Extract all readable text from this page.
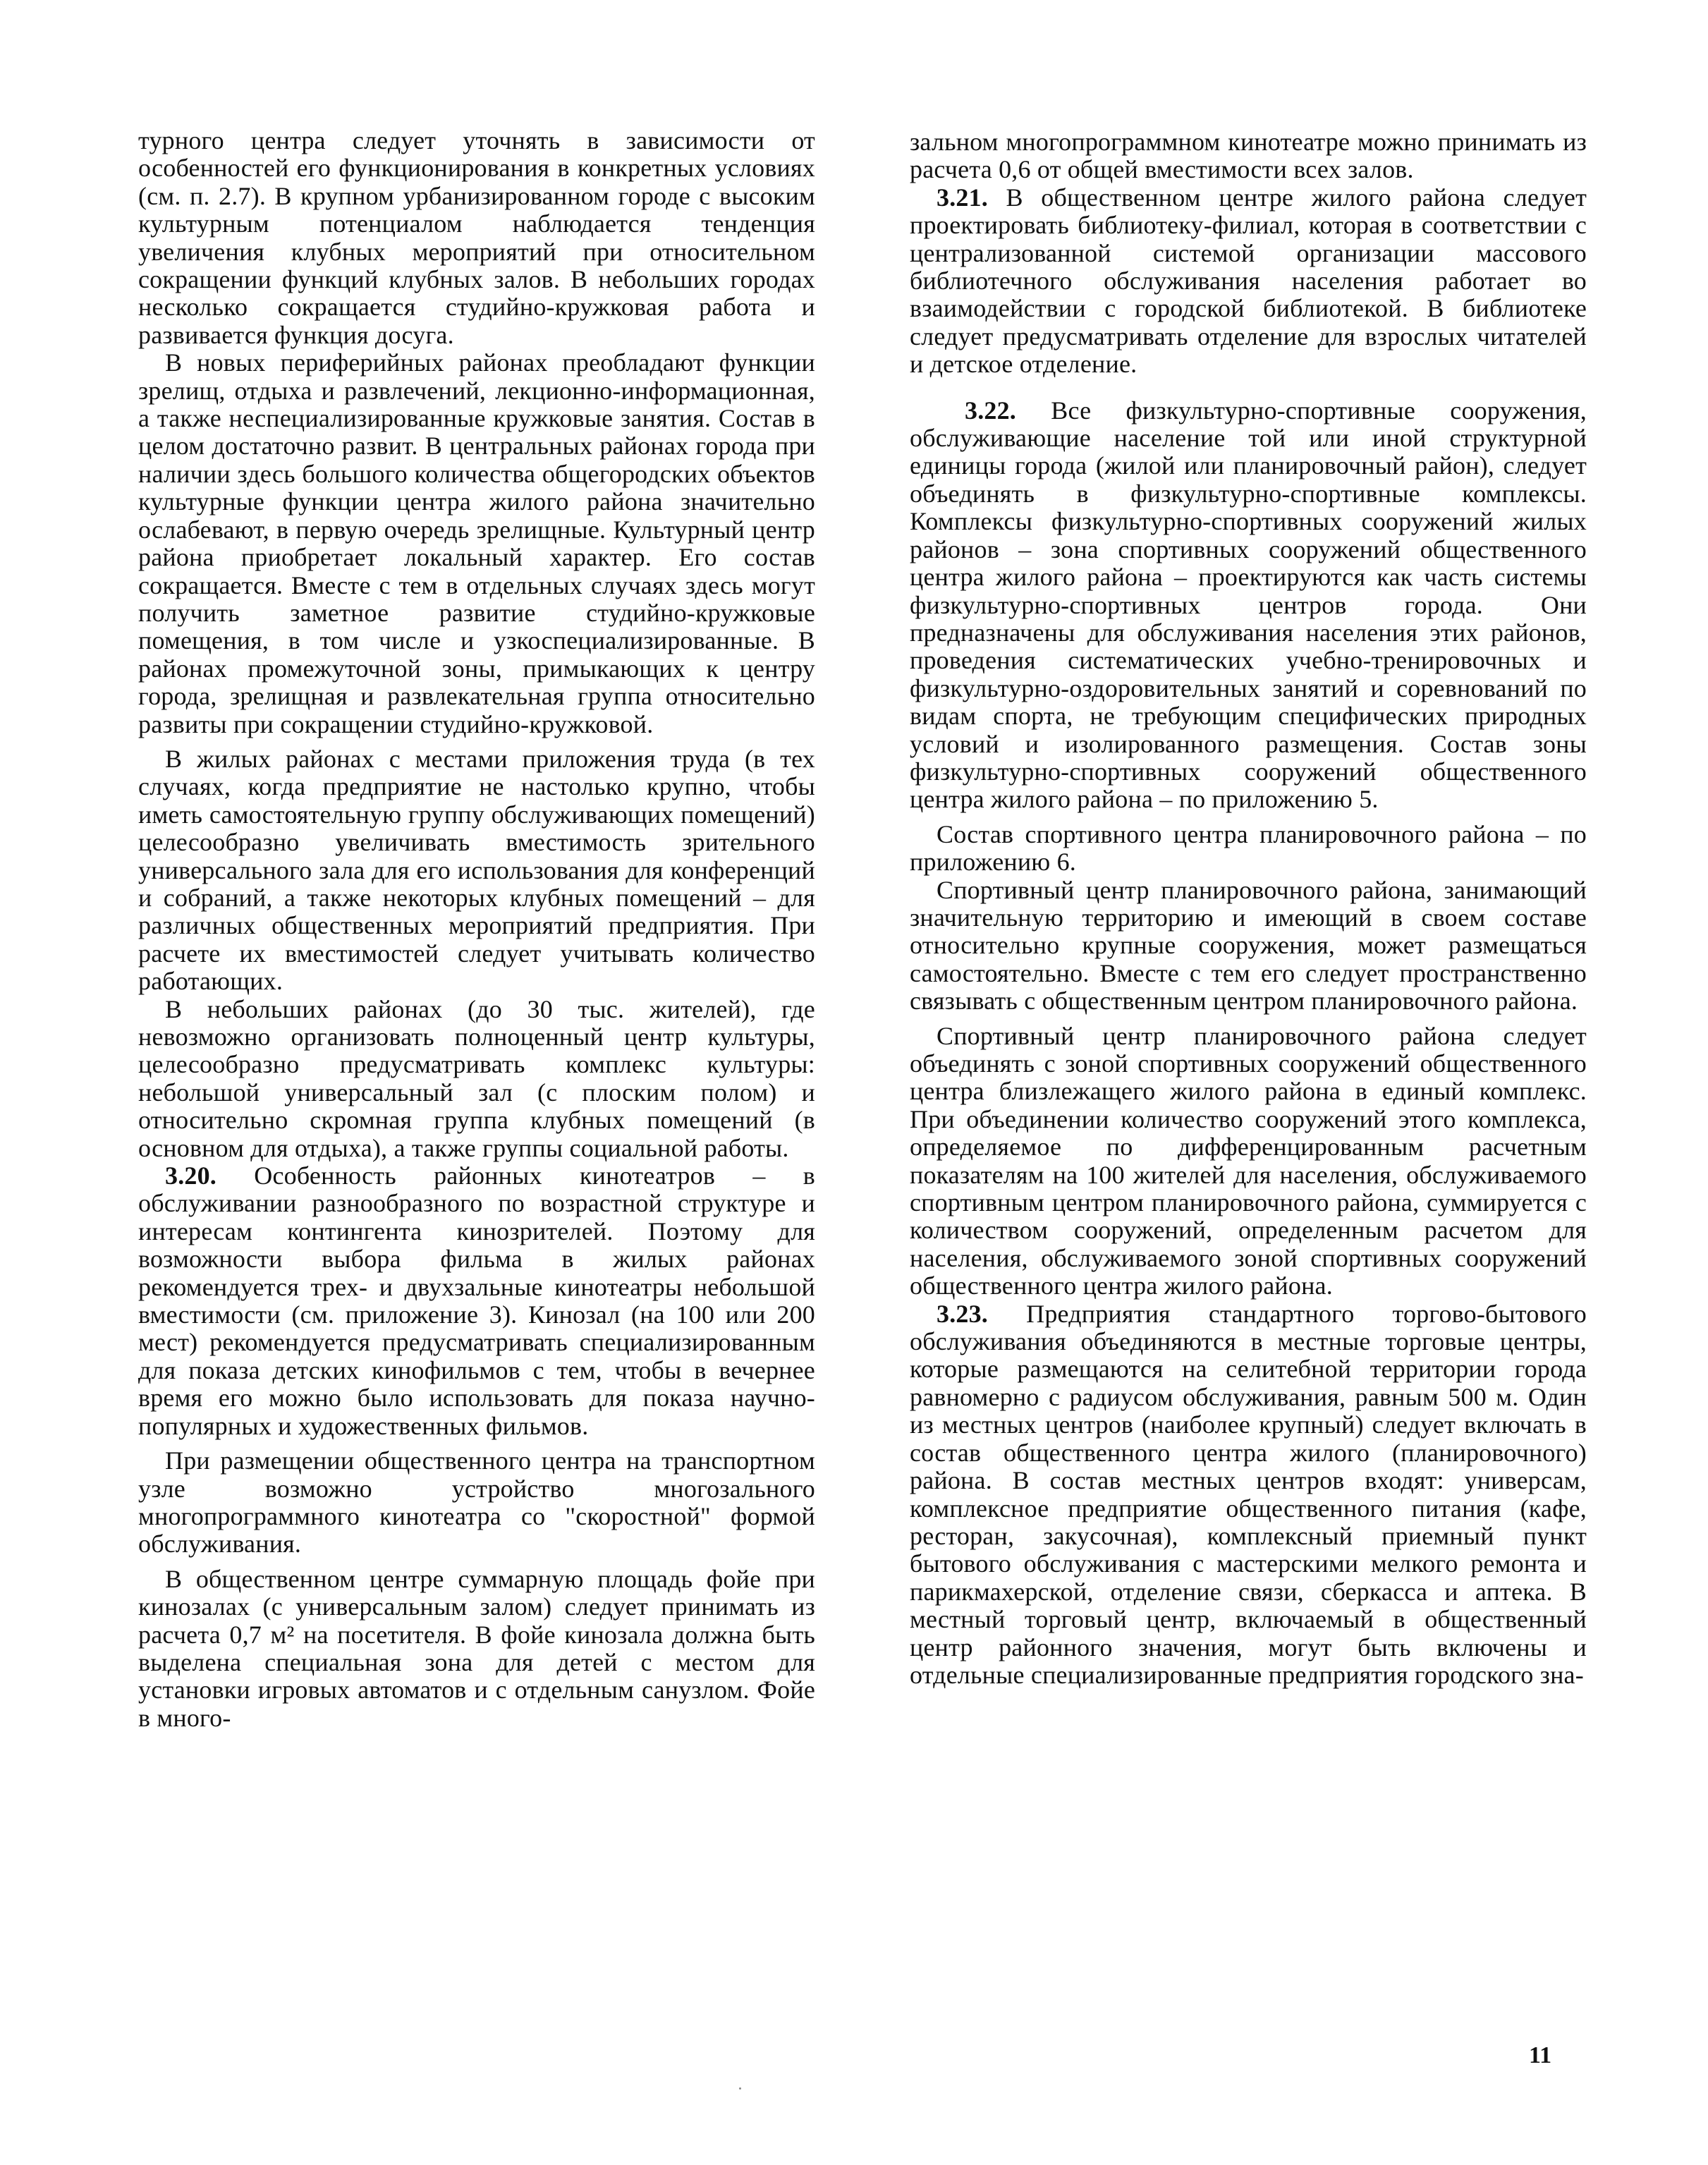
турного центра следует уточнять в зависимости от особенностей его функционирования в конкретных условиях (см. п. 2.7). В крупном урбанизированном городе с высоким культурным потенциалом наблюдается тенденция увеличения клубных мероприятий при относительном сокращении функций клубных залов. В небольших городах несколько сокращается студийно-кружковая работа и развивается функция досуга.

В новых периферийных районах преобладают функции зрелищ, отдыха и развлечений, лекционно-информационная, а также неспециализированные кружковые занятия. Состав в целом достаточно развит. В центральных районах города при наличии здесь большого количества общегородских объектов культурные функции центра жилого района значительно ослабевают, в первую очередь зрелищные. Культурный центр района приобретает локальный характер. Его состав сокращается. Вместе с тем в отдельных случаях здесь могут получить заметное развитие студийно-кружковые помещения, в том числе и узкоспециализированные. В районах промежуточной зоны, примыкающих к центру города, зрелищная и развлекательная группа относительно развиты при сокращении студийно-кружковой.

В жилых районах с местами приложения труда (в тех случаях, когда предприятие не настолько крупно, чтобы иметь самостоятельную группу обслуживающих помещений) целесообразно увеличивать вместимость зрительного универсального зала для его использования для конференций и собраний, а также некоторых клубных помещений – для различных общественных мероприятий предприятия. При расчете их вместимостей следует учитывать количество работающих.

В небольших районах (до 30 тыс. жителей), где невозможно организовать полноценный центр культуры, целесообразно предусматривать комплекс культуры: небольшой универсальный зал (с плоским полом) и относительно скромная группа клубных помещений (в основном для отдыха), а также группы социальной работы.

3.20. Особенность районных кинотеатров – в обслуживании разнообразного по возрастной структуре и интересам контингента кинозрителей. Поэтому для возможности выбора фильма в жилых районах рекомендуется трех- и двухзальные кинотеатры небольшой вместимости (см. приложение 3). Кинозал (на 100 или 200 мест) рекомендуется предусматривать специализированным для показа детских кинофильмов с тем, чтобы в вечернее время его можно было использовать для показа научно-популярных и художественных фильмов.

При размещении общественного центра на транспортном узле возможно устройство многозального многопрограммного кинотеатра со "скоростной" формой обслуживания.

В общественном центре суммарную площадь фойе при кинозалах (с универсальным залом) следует принимать из расчета 0,7 м² на посетителя. В фойе кинозала должна быть выделена специальная зона для детей с местом для установки игровых автоматов и с отдельным санузлом. Фойе в много-

зальном многопрограммном кинотеатре можно принимать из расчета 0,6 от общей вместимости всех залов.

3.21. В общественном центре жилого района следует проектировать библиотеку-филиал, которая в соответствии с централизованной системой организации массового библиотечного обслуживания населения работает во взаимодействии с городской библиотекой. В библиотеке следует предусматривать отделение для взрослых читателей и детское отделение.

3.22. Все физкультурно-спортивные сооружения, обслуживающие население той или иной структурной единицы города (жилой или планировочный район), следует объединять в физкультурно-спортивные комплексы. Комплексы физкультурно-спортивных сооружений жилых районов – зона спортивных сооружений общественного центра жилого района – проектируются как часть системы физкультурно-спортивных центров города. Они предназначены для обслуживания населения этих районов, проведения систематических учебно-тренировочных и физкультурно-оздоровительных занятий и соревнований по видам спорта, не требующим специфических природных условий и изолированного размещения. Состав зоны физкультурно-спортивных сооружений общественного центра жилого района – по приложению 5.

Состав спортивного центра планировочного района – по приложению 6.

Спортивный центр планировочного района, занимающий значительную территорию и имеющий в своем составе относительно крупные сооружения, может размещаться самостоятельно. Вместе с тем его следует пространственно связывать с общественным центром планировочного района.

Спортивный центр планировочного района следует объединять с зоной спортивных сооружений общественного центра близлежащего жилого района в единый комплекс. При объединении количество сооружений этого комплекса, определяемое по дифференцированным расчетным показателям на 100 жителей для населения, обслуживаемого спортивным центром планировочного района, суммируется с количеством сооружений, определенным расчетом для населения, обслуживаемого зоной спортивных сооружений общественного центра жилого района.

3.23. Предприятия стандартного торгово-бытового обслуживания объединяются в местные торговые центры, которые размещаются на селитебной территории города равномерно с радиусом обслуживания, равным 500 м. Один из местных центров (наиболее крупный) следует включать в состав общественного центра жилого (планировочного) района. В состав местных центров входят: универсам, комплексное предприятие общественного питания (кафе, ресторан, закусочная), комплексный приемный пункт бытового обслуживания с мастерскими мелкого ремонта и парикмахерской, отделение связи, сберкасса и аптека. В местный торговый центр, включаемый в общественный центр районного значения, могут быть включены и отдельные специализированные предприятия городского зна-

11
